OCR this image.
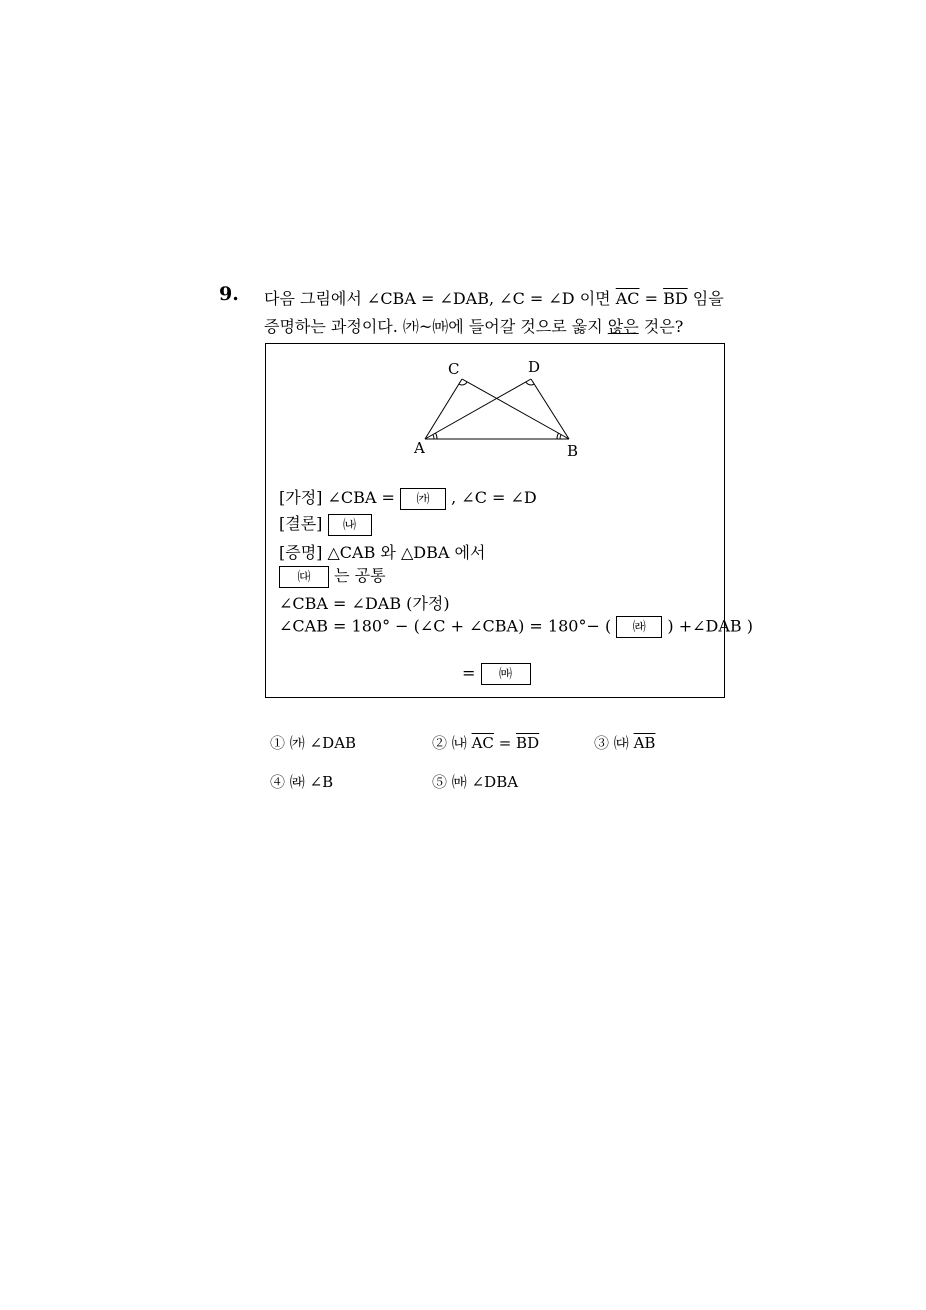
9. 다음 그림에서 ∠CBA = ∠DAB, ∠C = ∠D 이면 $\overline{AC} = \overline{BD}$ 임을
증명하는 과정이다. ㈎~㈒에 들어갈 것으로 옳지 않은 것은?
C	D
A	B
[가정] ∠CBA = ㈎ , ∠C = ∠D
[결론] ㈏
[증명] △CAB 와 △DBA 에서
㈐ 는 공통
∠CBA = ∠DAB (가정)
∠CAB = 180° − (∠C + ∠CBA) = 180°− ( ㈑ ) +∠DAB )
= ㈒
① ㈎ ∠DAB	② ㈏ $\overline{AC} = \overline{BD}$	③ ㈐ $\overline{AB}$
④ ㈑ ∠B	⑤ ㈒ ∠DBA
